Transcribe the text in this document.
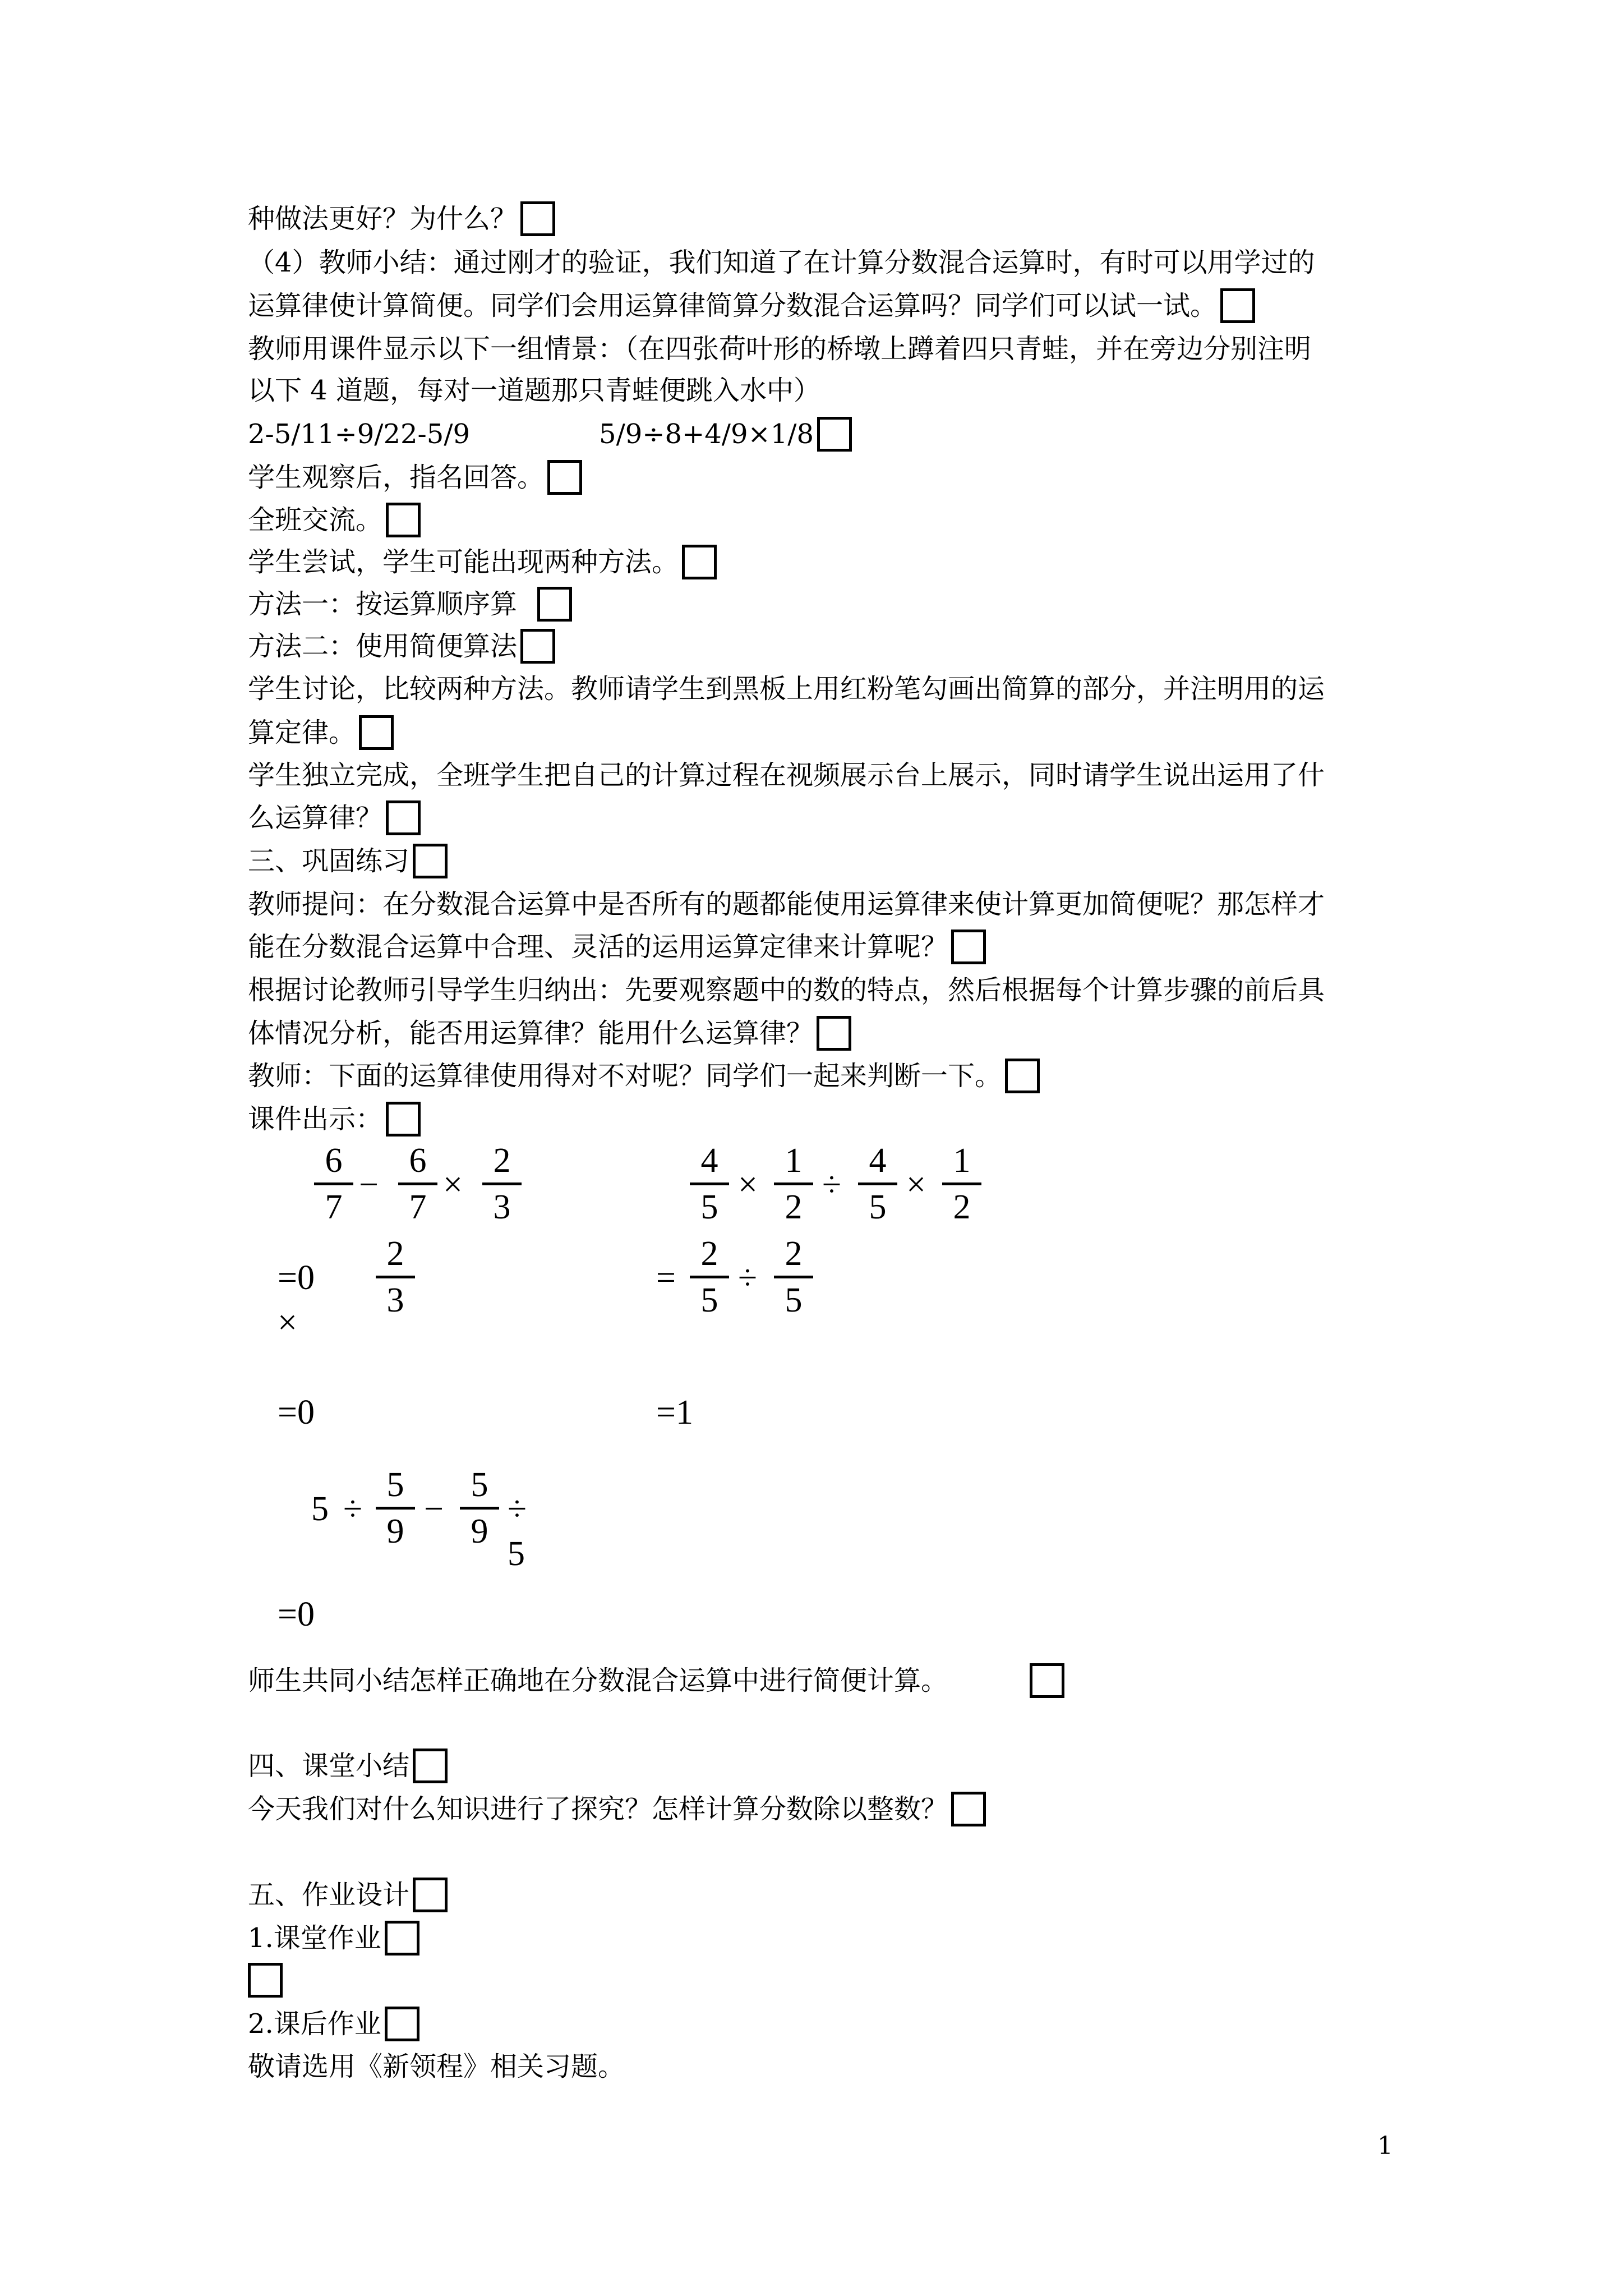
种做法更好？为什么？
（4）教师小结：通过刚才的验证，我们知道了在计算分数混合运算时，有时可以用学过的
运算律使计算简便。同学们会用运算律简算分数混合运算吗？同学们可以试一试。
教师用课件显示以下一组情景：（在四张荷叶形的桥墩上蹲着四只青蛙，并在旁边分别注明
以下 4 道题，每对一道题那只青蛙便跳入水中）
2-5/11÷9/22-5/9	5/9÷8+4/9×1/8
学生观察后，指名回答。
全班交流。
学生尝试，学生可能出现两种方法。
方法一：按运算顺序算
方法二：使用简便算法
学生讨论，比较两种方法。教师请学生到黑板上用红粉笔勾画出简算的部分，并注明用的运
算定律。
学生独立完成，全班学生把自己的计算过程在视频展示台上展示，同时请学生说出运用了什
么运算律？
三、巩固练习
教师提问：在分数混合运算中是否所有的题都能使用运算律来使计算更加简便呢？那怎样才
能在分数混合运算中合理、灵活的运用运算定律来计算呢？
根据讨论教师引导学生归纳出：先要观察题中的数的特点，然后根据每个计算步骤的前后具
体情况分析，能否用运算律？能用什么运算律？
教师：下面的运算律使用得对不对呢？同学们一起来判断一下。
课件出示：
6
7
−
6
7
×
2
3
=0 ×
2
3
=0
4
5
×
1
2
÷
4
5
×
1
2
=
2
5
÷
2
5
=1
5 ÷
5
9
−
5
9
÷ 5
=0
师生共同小结怎样正确地在分数混合运算中进行简便计算。
四、课堂小结
今天我们对什么知识进行了探究？怎样计算分数除以整数？
五、作业设计
1.课堂作业
2.课后作业
敬请选用《新领程》相关习题。
1
